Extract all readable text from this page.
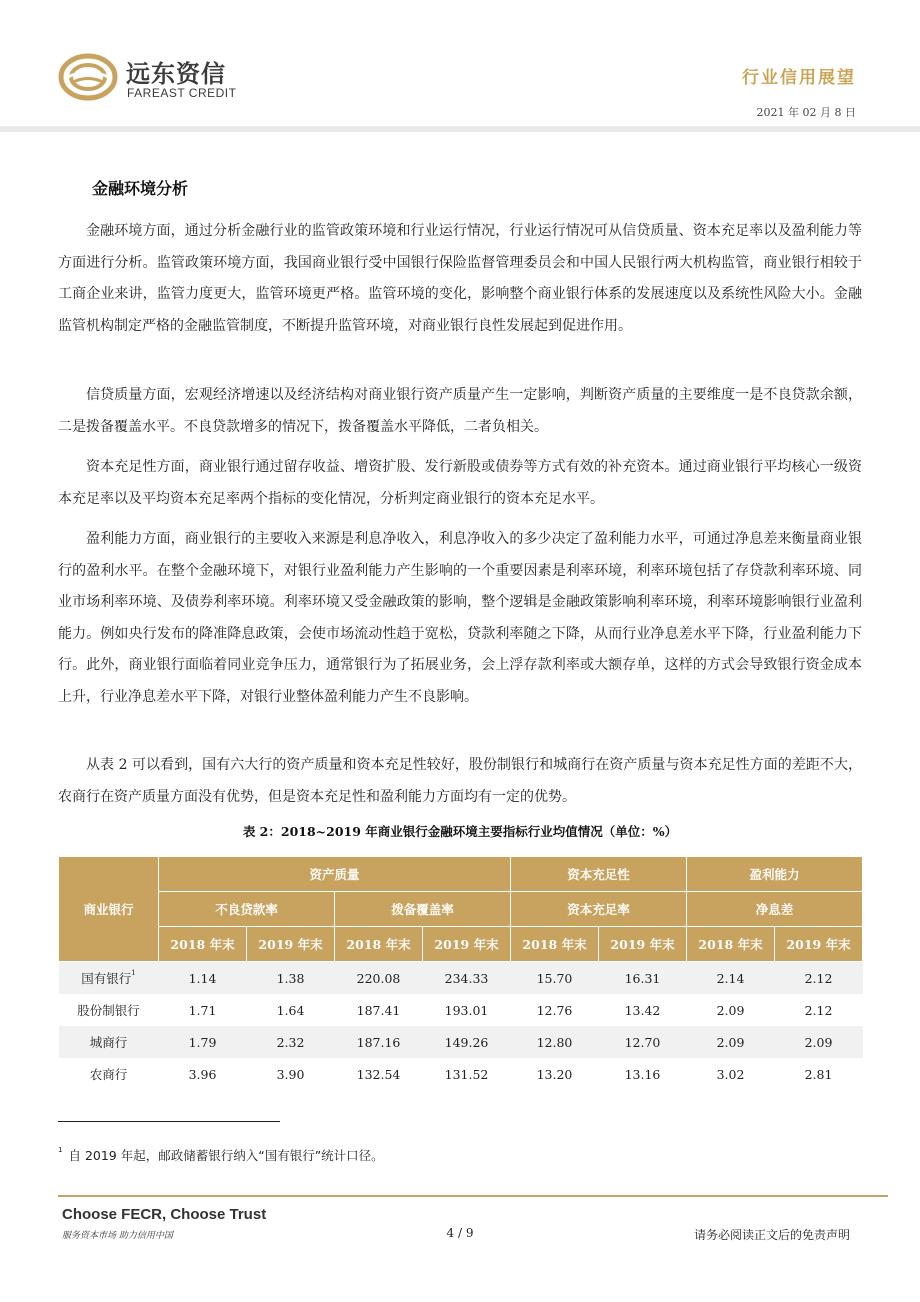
远东资信
FAREAST CREDIT
行业信用展望
2021 年 02 月 8 日
金融环境分析

金融环境方面，通过分析金融行业的监管政策环境和行业运行情况，行业运行情况可从信贷质量、资本充足率以及盈利能力等方面进行分析。监管政策环境方面，我国商业银行受中国银行保险监督管理委员会和中国人民银行两大机构监管，商业银行相较于工商企业来讲，监管力度更大，监管环境更严格。监管环境的变化，影响整个商业银行体系的发展速度以及系统性风险大小。金融监管机构制定严格的金融监管制度，不断提升监管环境，对商业银行良性发展起到促进作用。

信贷质量方面，宏观经济增速以及经济结构对商业银行资产质量产生一定影响，判断资产质量的主要维度一是不良贷款余额，二是拨备覆盖水平。不良贷款增多的情况下，拨备覆盖水平降低，二者负相关。

资本充足性方面，商业银行通过留存收益、增资扩股、发行新股或债券等方式有效的补充资本。通过商业银行平均核心一级资本充足率以及平均资本充足率两个指标的变化情况，分析判定商业银行的资本充足水平。

盈利能力方面，商业银行的主要收入来源是利息净收入，利息净收入的多少决定了盈利能力水平，可通过净息差来衡量商业银行的盈利水平。在整个金融环境下，对银行业盈利能力产生影响的一个重要因素是利率环境，利率环境包括了存贷款利率环境、同业市场利率环境、及债券利率环境。利率环境又受金融政策的影响，整个逻辑是金融政策影响利率环境，利率环境影响银行业盈利能力。例如央行发布的降准降息政策，会使市场流动性趋于宽松，贷款利率随之下降，从而行业净息差水平下降，行业盈利能力下行。此外，商业银行面临着同业竞争压力，通常银行为了拓展业务，会上浮存款利率或大额存单，这样的方式会导致银行资金成本上升，行业净息差水平下降，对银行业整体盈利能力产生不良影响。

从表 2 可以看到，国有六大行的资产质量和资本充足性较好，股份制银行和城商行在资产质量与资本充足性方面的差距不大，农商行在资产质量方面没有优势，但是资本充足性和盈利能力方面均有一定的优势。

表 2：2018~2019 年商业银行金融环境主要指标行业均值情况（单位：%）
商业银行	资产质量				资本充足性		盈利能力	
	不良贷款率		拨备覆盖率		资本充足率		净息差	
	2018 年末	2019 年末	2018 年末	2019 年末	2018 年末	2019 年末	2018 年末	2019 年末
国有银行$^1$	1.14	1.38	220.08	234.33	15.70	16.31	2.14	2.12
股份制银行	1.71	1.64	187.41	193.01	12.76	13.42	2.09	2.12
城商行	1.79	2.32	187.16	149.26	12.80	12.70	2.09	2.09
农商行	3.96	3.90	132.54	131.52	13.20	13.16	3.02	2.81
$^1$ 自 2019 年起，邮政储蓄银行纳入“国有银行”统计口径。
Choose FECR, Choose Trust
服务资本市场 助力信用中国	4 / 9	请务必阅读正文后的免责声明
